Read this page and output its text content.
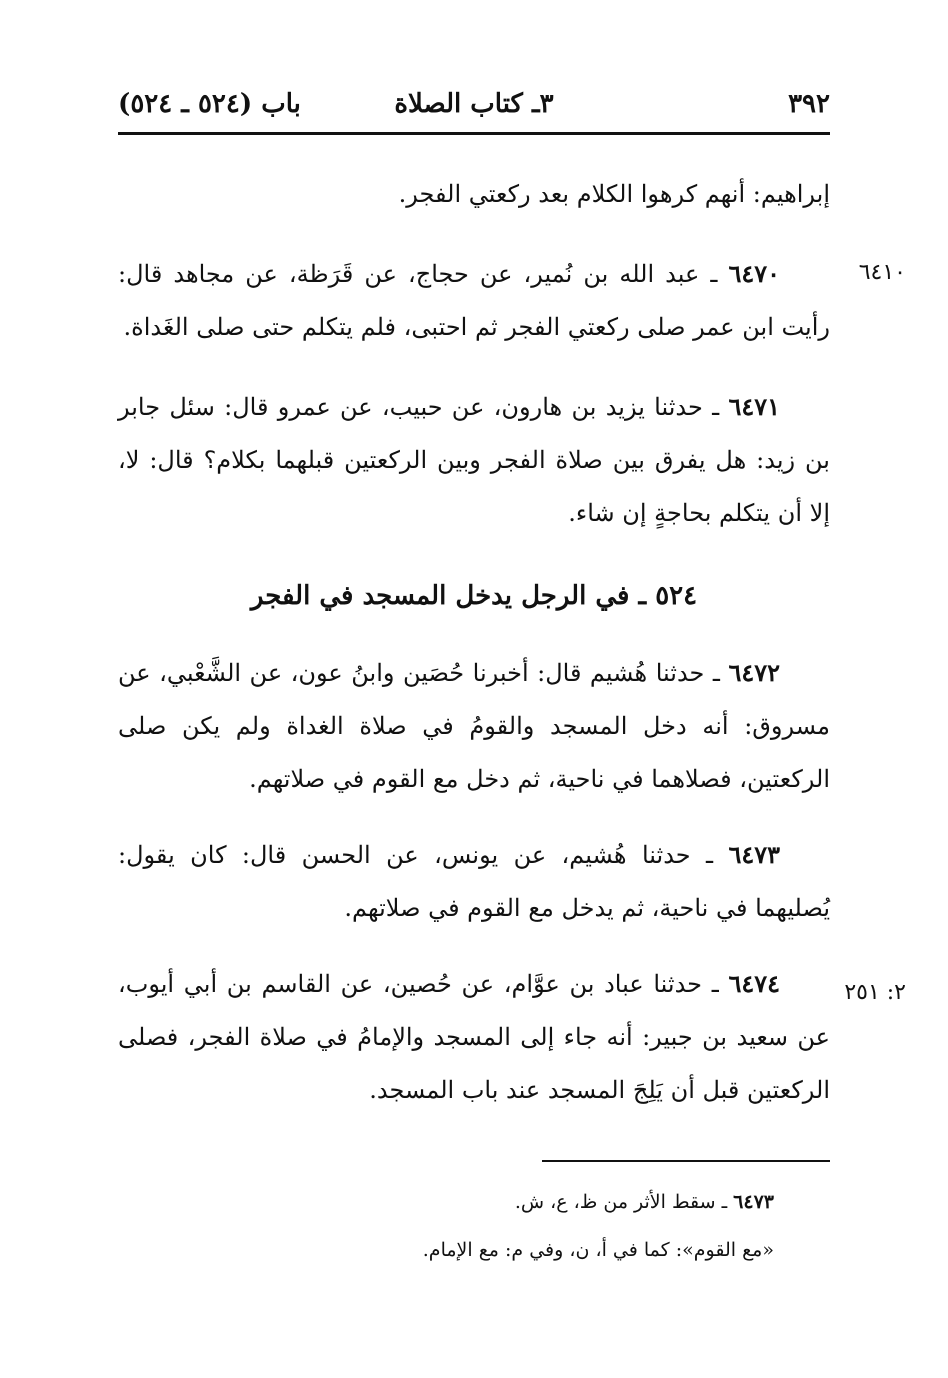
٣٩٢
٣ـ كتاب الصلاة
باب (٥٢٤ ـ ٥٢٤)
٦٤١٠
٢: ٢٥١

إبراهيم: أنهم كرهوا الكلام بعد ركعتي الفجر.

٦٤٧٠ ـ عبد الله بن نُمير، عن حجاج، عن قَرَظة، عن مجاهد قال: رأيت ابن عمر صلى ركعتي الفجر ثم احتبى، فلم يتكلم حتى صلى الغَداة.

٦٤٧١ ـ حدثنا يزيد بن هارون، عن حبيب، عن عمرو قال: سئل جابر بن زيد: هل يفرق بين صلاة الفجر وبين الركعتين قبلهما بكلام؟ قال: لا، إلا أن يتكلم بحاجةٍ إن شاء.

٥٢٤ ـ في الرجل يدخل المسجد في الفجر

٦٤٧٢ ـ حدثنا هُشيم قال: أخبرنا حُصَين وابنُ عون، عن الشَّعْبي، عن مسروق: أنه دخل المسجد والقومُ في صلاة الغداة ولم يكن صلى الركعتين، فصلاهما في ناحية، ثم دخل مع القوم في صلاتهم.

٦٤٧٣ ـ حدثنا هُشيم، عن يونس، عن الحسن قال: كان يقول: يُصليهما في ناحية، ثم يدخل مع القوم في صلاتهم.

٦٤٧٤ ـ حدثنا عباد بن عوَّام، عن حُصين، عن القاسم بن أبي أيوب، عن سعيد بن جبير: أنه جاء إلى المسجد والإمامُ في صلاة الفجر، فصلى الركعتين قبل أن يَلِجَ المسجد عند باب المسجد.

٦٤٧٣ ـ سقط الأثر من ظ، ع، ش.

«مع القوم»: كما في أ، ن، وفي م: مع الإمام.
